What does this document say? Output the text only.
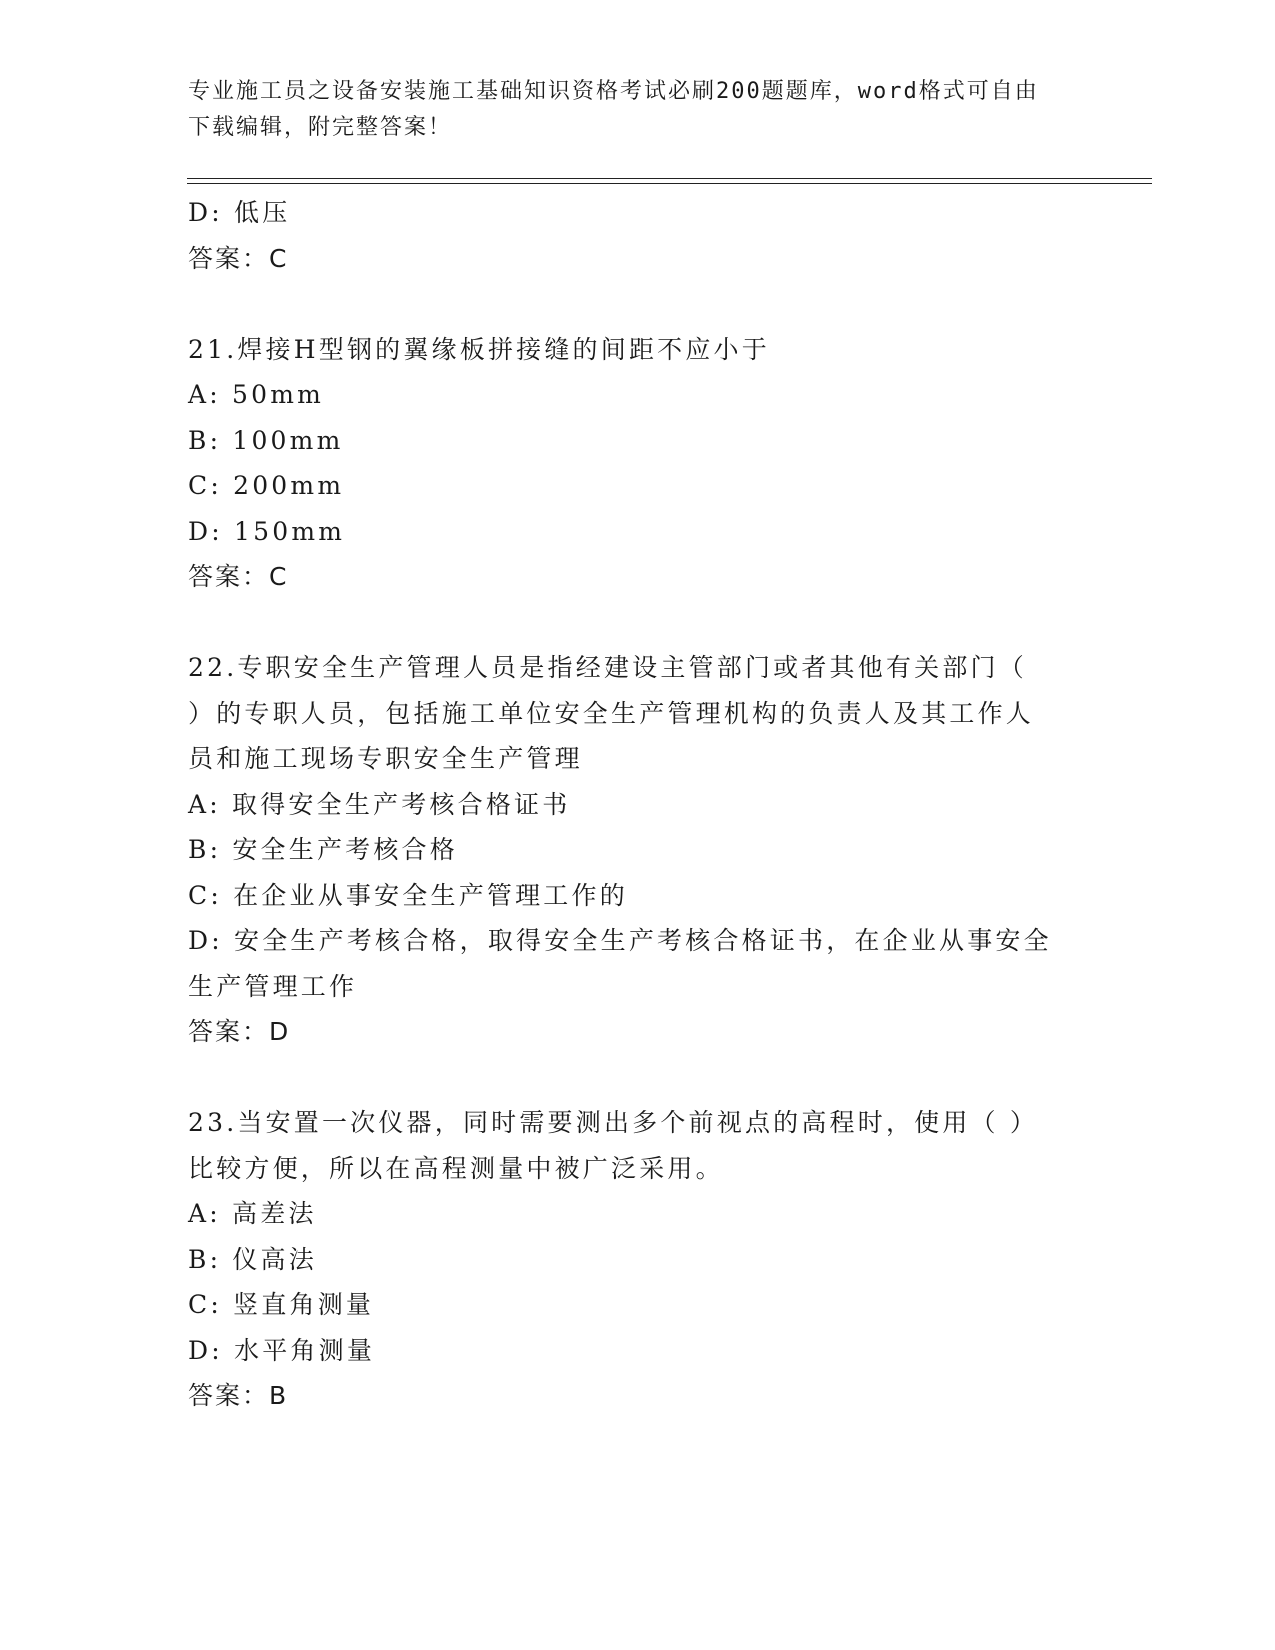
专业施工员之设备安装施工基础知识资格考试必刷200题题库，word格式可自由
下载编辑，附完整答案！
D: 低压
答案：C
21.焊接H型钢的翼缘板拼接缝的间距不应小于
A: 50mm
B: 100mm
C: 200mm
D: 150mm
答案：C
22.专职安全生产管理人员是指经建设主管部门或者其他有关部门（
）的专职人员，包括施工单位安全生产管理机构的负责人及其工作人
员和施工现场专职安全生产管理
A: 取得安全生产考核合格证书
B: 安全生产考核合格
C: 在企业从事安全生产管理工作的
D: 安全生产考核合格，取得安全生产考核合格证书，在企业从事安全
生产管理工作
答案：D
23.当安置一次仪器，同时需要测出多个前视点的高程时，使用（ ）
比较方便，所以在高程测量中被广泛采用。
A: 高差法
B: 仪高法
C: 竖直角测量
D: 水平角测量
答案：B
